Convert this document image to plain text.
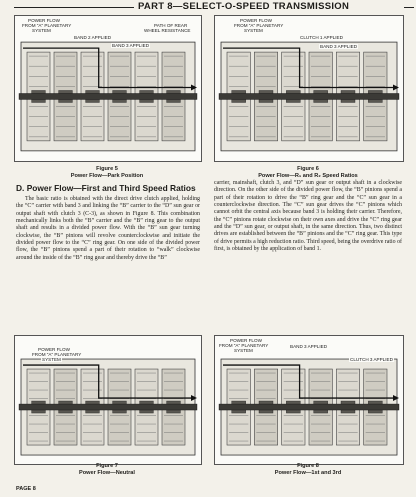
PART 8—SELECT-O-SPEED TRANSMISSION
POWER FLOW
FROM "A" PLANETARY
SYSTEM
BAND 2 APPLIED
BAND 3 APPLIED
PATH OF REAR
WHEEL RESISTANCE
Figure 5
Power Flow—Park Position
POWER FLOW
FROM "A" PLANETARY
SYSTEM
CLUTCH 1 APPLIED
BAND 3 APPLIED
Figure 6
Power Flow—R₁ and R₂ Speed Ratios
D. Power Flow—First and Third Speed Ratios

The basic ratio is obtained with the direct drive clutch applied, holding the “C” carrier with band 3 and linking the “B” carrier to the “D” sun gear or output shaft with clutch 3 (C-3), as shown in Figure 8. This combination mechanically links both the “B” carrier and the “B” ring gear to the output shaft and results in a divided power flow. With the “B” sun gear turning clockwise, the “B” pinions will revolve counterclockwise and initiate the divided power flow to the “C” ring gear. On one side of the divided power flow, the “B” pinions spend a part of their rotation to “walk” clockwise around the inside of the “B” ring gear and thereby drive the “B”

carrier, mainshaft, clutch 3, and “D” sun gear or output shaft in a clockwise direction. On the other side of the divided power flow, the “B” pinions spend a part of their rotation to drive the “B” ring gear and the “C” sun gear in a counterclockwise direction. The “C” sun gear drives the “C” pinions which cannot orbit the central axis because band 3 is holding their carrier. Therefore, the “C” pinions rotate clockwise on their own axes and drive the “C” ring gear and the “D” sun gear, or output shaft, in the same direction. Thus, two distinct drives are established between the “B” pinions and the “C” ring gear. This type of drive permits a high reduction ratio. Third speed, being the overdrive ratio of first, is obtained by the application of band 1.

POWER FLOW
FROM "A" PLANETARY
SYSTEM
Figure 7
Power Flow—Neutral
POWER FLOW
FROM "A" PLANETARY
SYSTEM
BAND 3 APPLIED
CLUTCH 3 APPLIED
Figure 8
Power Flow—1st and 3rd
PAGE 8
